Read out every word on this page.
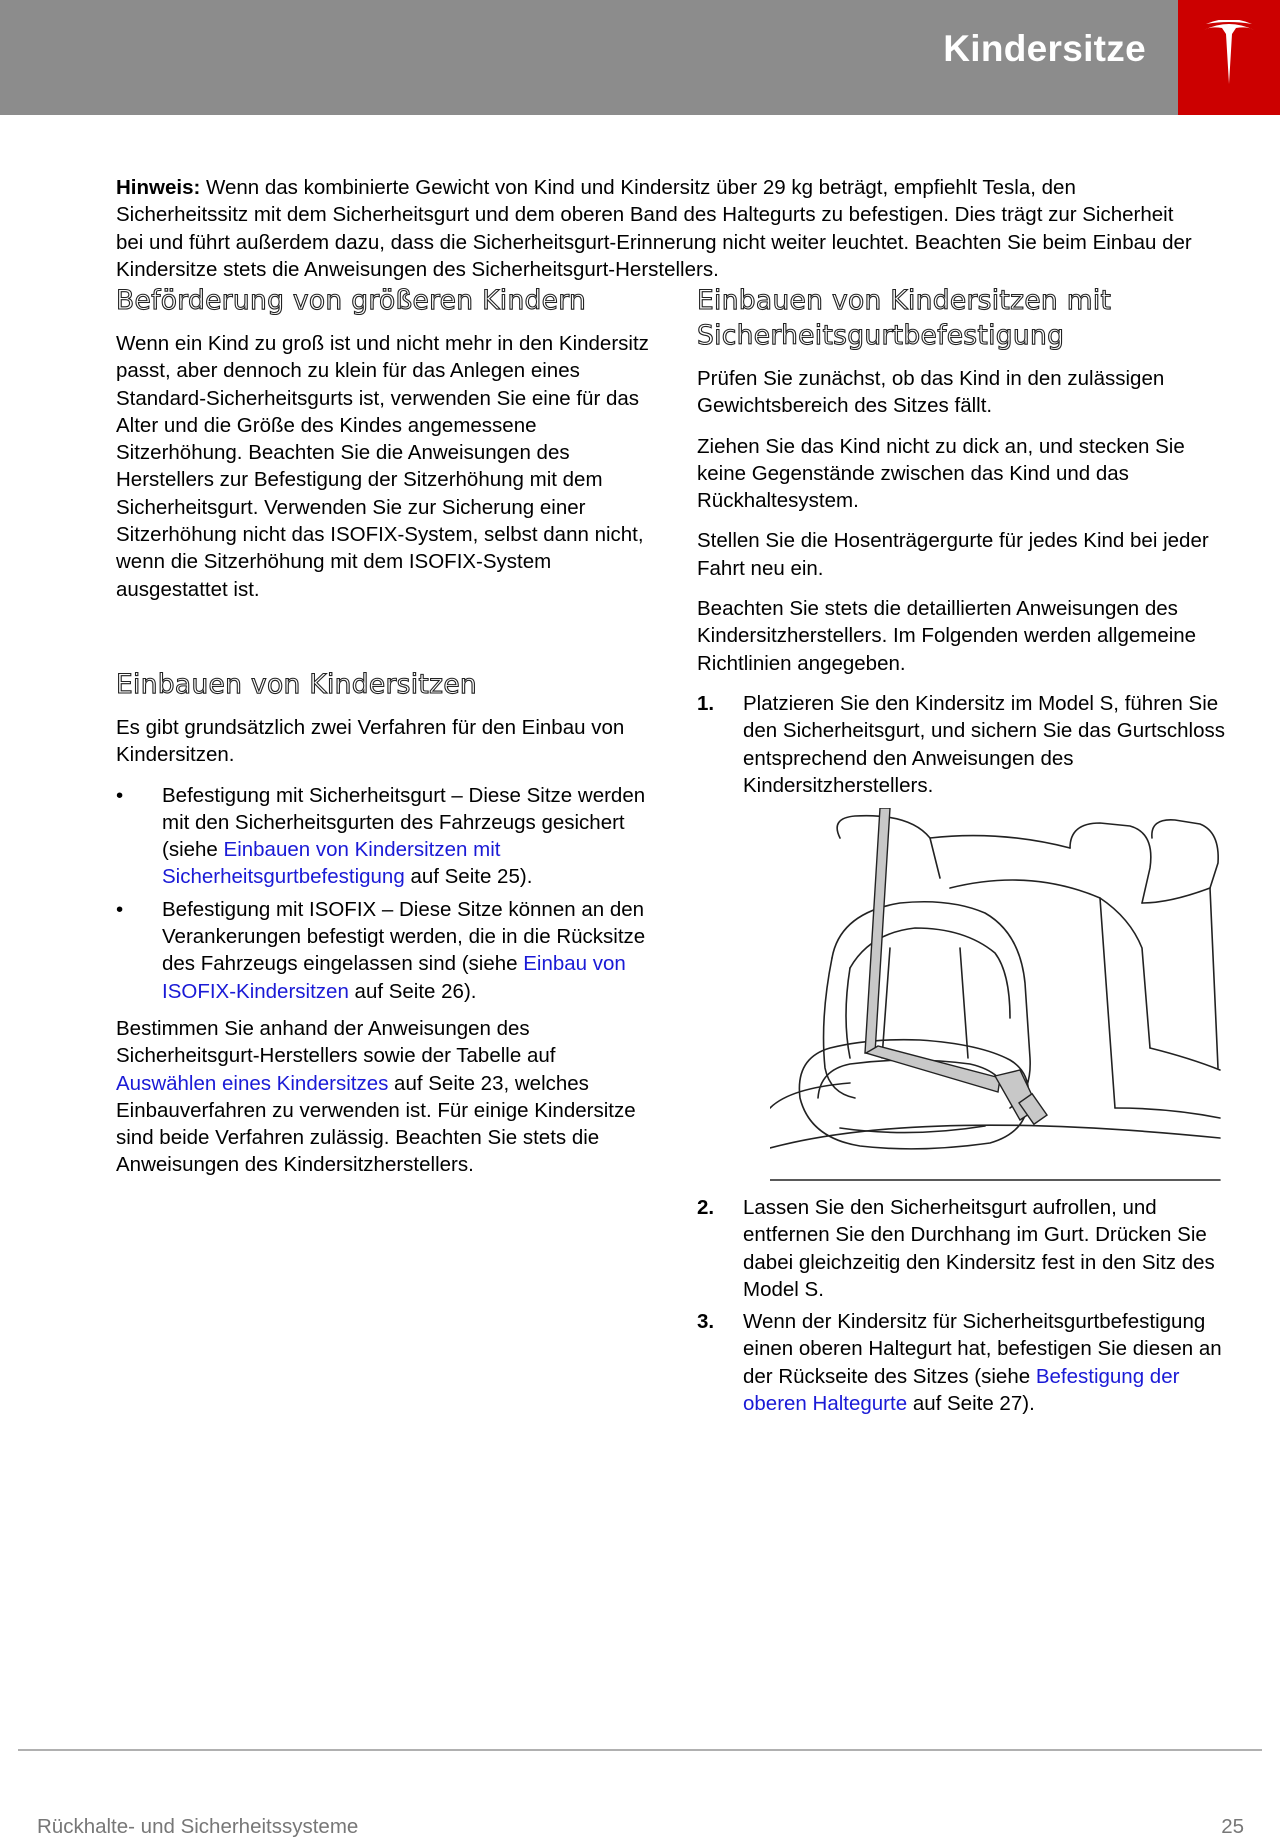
Kindersitze
Hinweis: Wenn das kombinierte Gewicht von Kind und Kindersitz über 29 kg beträgt, empfiehlt Tesla, den Sicherheitssitz mit dem Sicherheitsgurt und dem oberen Band des Haltegurts zu befestigen. Dies trägt zur Sicherheit bei und führt außerdem dazu, dass die Sicherheitsgurt-Erinnerung nicht weiter leuchtet. Beachten Sie beim Einbau der Kindersitze stets die Anweisungen des Sicherheitsgurt-Herstellers.
Beförderung von größeren Kindern

Wenn ein Kind zu groß ist und nicht mehr in den Kindersitz passt, aber dennoch zu klein für das Anlegen eines Standard-Sicherheitsgurts ist, verwenden Sie eine für das Alter und die Größe des Kindes angemessene Sitzerhöhung. Beachten Sie die Anweisungen des Herstellers zur Befestigung der Sitzerhöhung mit dem Sicherheitsgurt. Verwenden Sie zur Sicherung einer Sitzerhöhung nicht das ISOFIX-System, selbst dann nicht, wenn die Sitzerhöhung mit dem ISOFIX-System ausgestattet ist.

Einbauen von Kindersitzen

Es gibt grundsätzlich zwei Verfahren für den Einbau von Kindersitzen.

• Befestigung mit Sicherheitsgurt – Diese Sitze werden mit den Sicherheitsgurten des Fahrzeugs gesichert (siehe Einbauen von Kindersitzen mit Sicherheitsgurtbefestigung auf Seite 25).
• Befestigung mit ISOFIX – Diese Sitze können an den Verankerungen befestigt werden, die in die Rücksitze des Fahrzeugs eingelassen sind (siehe Einbau von ISOFIX-Kindersitzen auf Seite 26).

Bestimmen Sie anhand der Anweisungen des Sicherheitsgurt-Herstellers sowie der Tabelle auf Auswählen eines Kindersitzes auf Seite 23, welches Einbauverfahren zu verwenden ist. Für einige Kindersitze sind beide Verfahren zulässig. Beachten Sie stets die Anweisungen des Kindersitzherstellers.

Einbauen von Kindersitzen mit Sicherheitsgurtbefestigung

Prüfen Sie zunächst, ob das Kind in den zulässigen Gewichtsbereich des Sitzes fällt.

Ziehen Sie das Kind nicht zu dick an, und stecken Sie keine Gegenstände zwischen das Kind und das Rückhaltesystem.

Stellen Sie die Hosenträgergurte für jedes Kind bei jeder Fahrt neu ein.

Beachten Sie stets die detaillierten Anweisungen des Kindersitzherstellers. Im Folgenden werden allgemeine Richtlinien angegeben.

1. Platzieren Sie den Kindersitz im Model S, führen Sie den Sicherheitsgurt, und sichern Sie das Gurtschloss entsprechend den Anweisungen des Kindersitzherstellers.
2. Lassen Sie den Sicherheitsgurt aufrollen, und entfernen Sie den Durchhang im Gurt. Drücken Sie dabei gleichzeitig den Kindersitz fest in den Sitz des Model S.
3. Wenn der Kindersitz für Sicherheitsgurtbefestigung einen oberen Haltegurt hat, befestigen Sie diesen an der Rückseite des Sitzes (siehe Befestigung der oberen Haltegurte auf Seite 27).
Rückhalte- und Sicherheitssysteme	25
